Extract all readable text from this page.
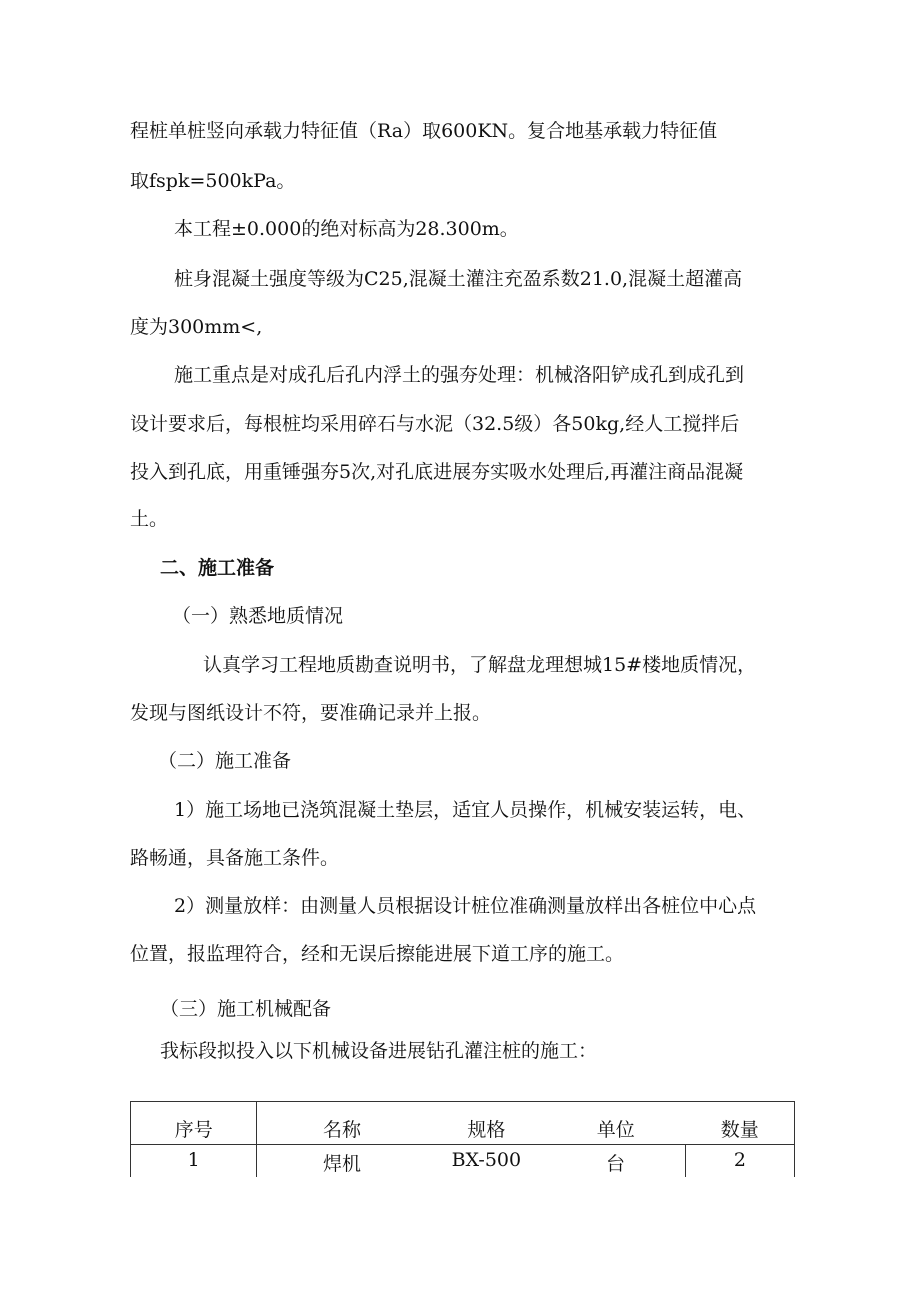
程桩单桩竖向承载力特征值（Ra）取600KN。复合地基承载力特征值
取fspk=500kPa。
本工程±0.000的绝对标高为28.300m。
桩身混凝土强度等级为C25,混凝土灌注充盈系数21.0,混凝土超灌高
度为300mm<,
施工重点是对成孔后孔内浮土的强夯处理：机械洛阳铲成孔到成孔到
设计要求后，每根桩均采用碎石与水泥（32.5级）各50kg,经人工搅拌后
投入到孔底，用重锤强夯5次,对孔底进展夯实吸水处理后,再灌注商品混凝
土。
二、施工准备
（一）熟悉地质情况
认真学习工程地质勘查说明书，了解盘龙理想城15#楼地质情况，
发现与图纸设计不符，要准确记录并上报。
（二）施工准备
1）施工场地已浇筑混凝土垫层，适宜人员操作，机械安装运转，电、
路畅通，具备施工条件。
2）测量放样：由测量人员根据设计桩位准确测量放样出各桩位中心点
位置，报监理符合，经和无误后擦能进展下道工序的施工。
（三）施工机械配备
我标段拟投入以下机械设备进展钻孔灌注桩的施工：
序号	名称	规格	单位	数量
1	焊机	BX-500	台	2
